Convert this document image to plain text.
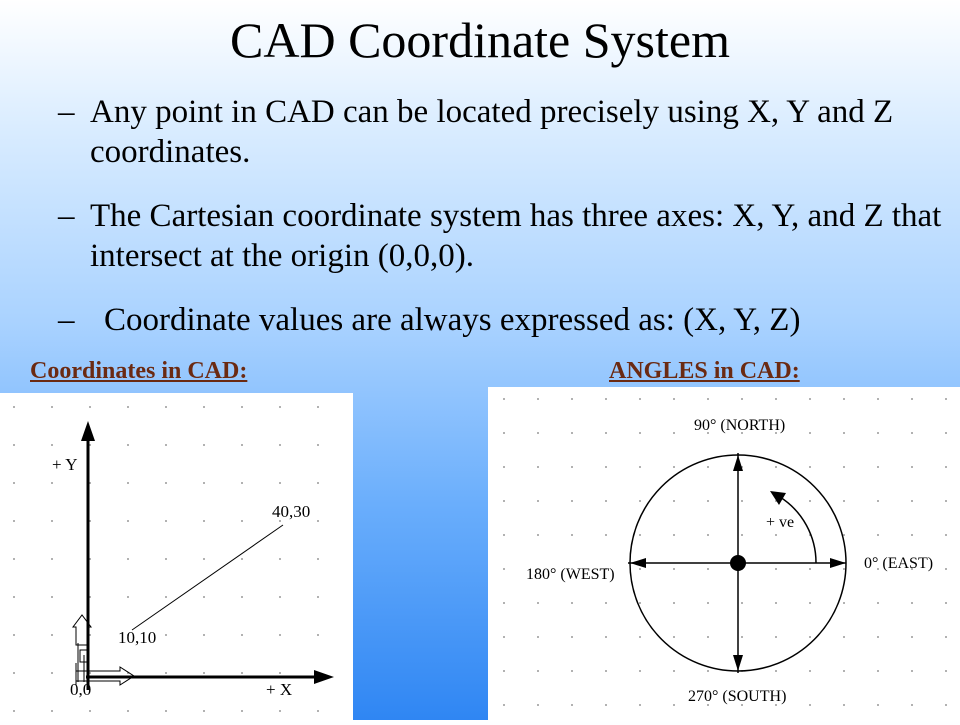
CAD Coordinate System
– Any point in CAD can be located precisely using X, Y and Z coordinates.
– The Cartesian coordinate system has three axes: X, Y, and Z that intersect at the origin (0,0,0).
– Coordinate values are always expressed as: (X, Y, Z)
Coordinates in CAD:	ANGLES in CAD:
+ Y
40,30
10,10
0,0	+ X
90° (NORTH)
+ ve
0° (EAST)
180° (WEST)
270° (SOUTH)
